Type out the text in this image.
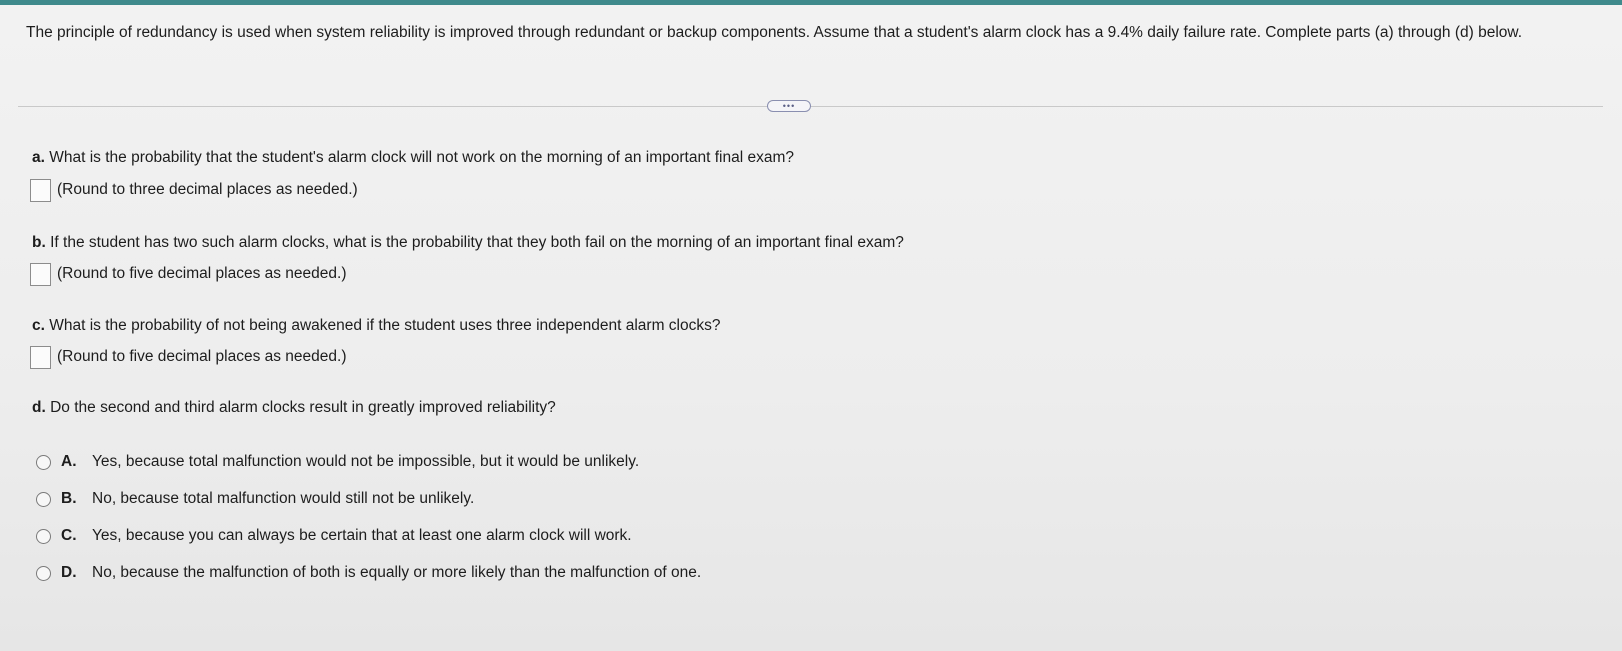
The principle of redundancy is used when system reliability is improved through redundant or backup components. Assume that a student's alarm clock has a 9.4% daily failure rate. Complete parts (a) through (d) below.
•••
a. What is the probability that the student's alarm clock will not work on the morning of an important final exam?
(Round to three decimal places as needed.)
b. If the student has two such alarm clocks, what is the probability that they both fail on the morning of an important final exam?
(Round to five decimal places as needed.)
c. What is the probability of not being awakened if the student uses three independent alarm clocks?
(Round to five decimal places as needed.)
d. Do the second and third alarm clocks result in greatly improved reliability?
A.	Yes, because total malfunction would not be impossible, but it would be unlikely.
B.	No, because total malfunction would still not be unlikely.
C.	Yes, because you can always be certain that at least one alarm clock will work.
D.	No, because the malfunction of both is equally or more likely than the malfunction of one.
